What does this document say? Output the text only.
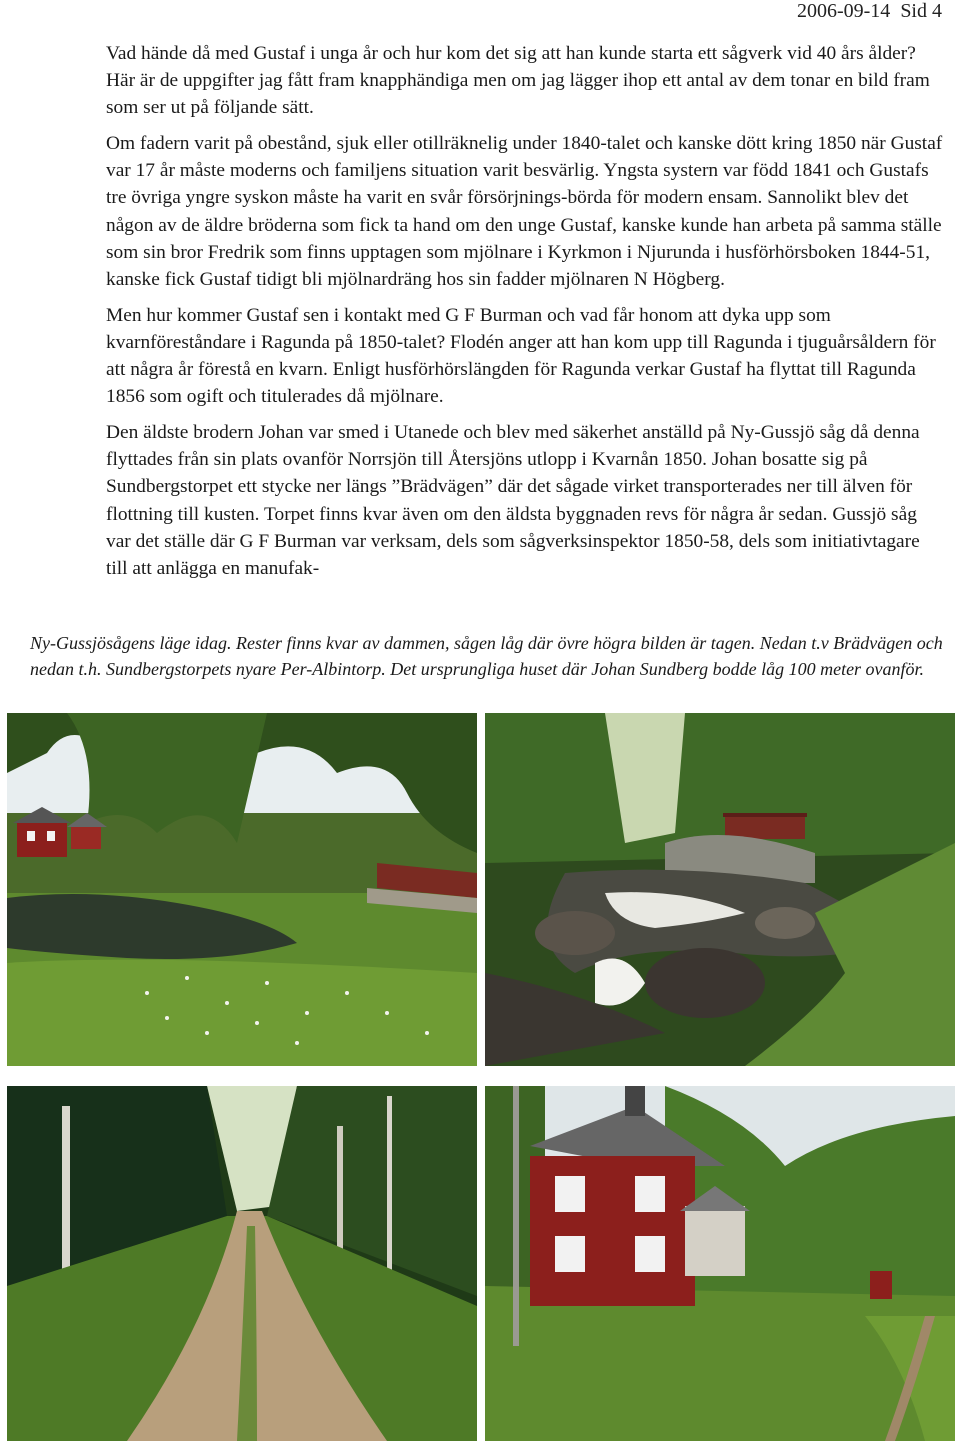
2006-09-14 Sid 4

Vad hände då med Gustaf i unga år och hur kom det sig att han kunde starta ett sågverk vid 40 års ålder? Här är de uppgifter jag fått fram knapphändiga men om jag lägger ihop ett antal av dem tonar en bild fram som ser ut på följande sätt.

Om fadern varit på obestånd, sjuk eller otillräknelig under 1840-talet och kanske dött kring 1850 när Gustaf var 17 år måste moderns och familjens situation varit besvärlig. Yngsta systern var född 1841 och Gustafs tre övriga yngre syskon måste ha varit en svår försörjnings-börda för modern ensam. Sannolikt blev det någon av de äldre bröderna som fick ta hand om den unge Gustaf, kanske kunde han arbeta på samma ställe som sin bror Fredrik som finns upptagen som mjölnare i Kyrkmon i Njurunda i husförhörsboken 1844-51, kanske fick Gustaf tidigt bli mjölnardräng hos sin fadder mjölnaren N Högberg.

Men hur kommer Gustaf sen i kontakt med G F Burman och vad får honom att dyka upp som kvarnföreståndare i Ragunda på 1850-talet? Flodén anger att han kom upp till Ragunda i tjuguårsåldern för att några år förestå en kvarn. Enligt husförhörslängden för Ragunda verkar Gustaf ha flyttat till Ragunda 1856 som ogift och titulerades då mjölnare.

Den äldste brodern Johan var smed i Utanede och blev med säkerhet anställd på Ny-Gussjö såg då denna flyttades från sin plats ovanför Norrsjön till Återsjöns utlopp i Kvarnån 1850. Johan bosatte sig på Sundbergstorpet ett stycke ner längs ”Brädvägen” där det sågade virket transporterades ner till älven för flottning till kusten. Torpet finns kvar även om den äldsta byggnaden revs för några år sedan. Gussjö såg var det ställe där G F Burman var verksam, dels som sågverksinspektor 1850-58, dels som initiativtagare till att anlägga en manufak-

Ny-Gussjösågens läge idag. Rester finns kvar av dammen, sågen låg där övre högra bilden är tagen. Nedan t.v Brädvägen och nedan t.h. Sundbergstorpets nyare Per-Albintorp. Det ursprungliga huset där Johan Sundberg bodde låg 100 meter ovanför.
